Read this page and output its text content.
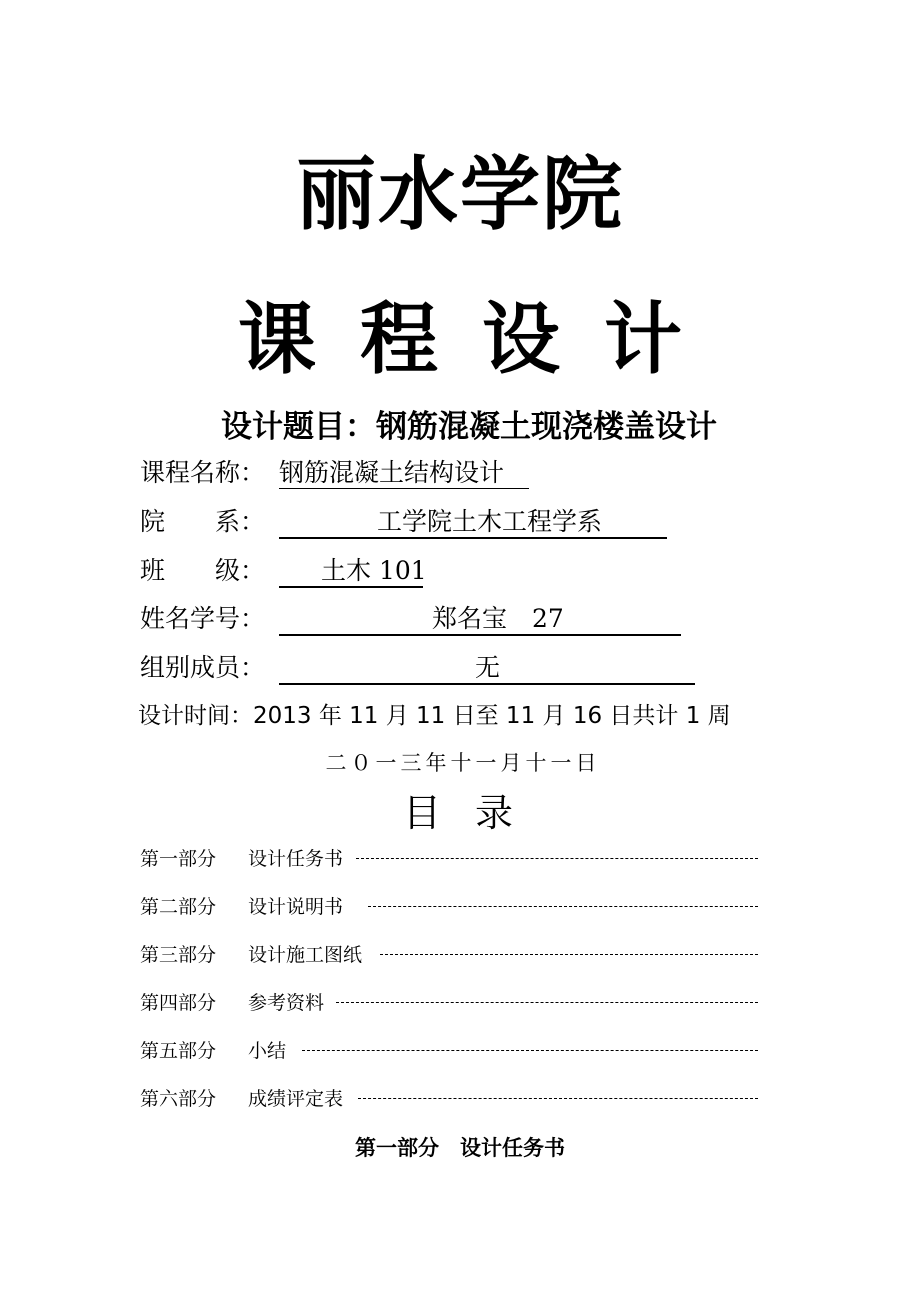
丽水学院
课程设计
设计题目：钢筋混凝土现浇楼盖设计
课程名称： 钢筋混凝土结构设计
院　　系：	工学院土木工程学系
班　　级： 土木 101
姓名学号：	郑名宝　27
组别成员：	无
设计时间：2013 年 11 月 11 日至 11 月 16 日共计 1 周
二０一三年十一月十一日
目录
第一部分 设计任务书
第二部分 设计说明书
第三部分 设计施工图纸
第四部分 参考资料
第五部分 小结
第六部分 成绩评定表
第一部分　设计任务书
